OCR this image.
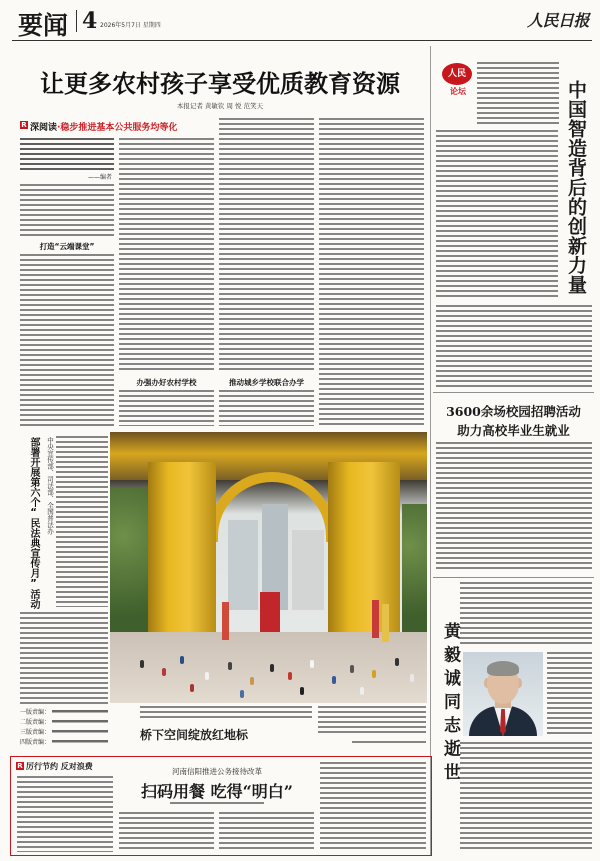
要闻 4 2026年5月7日 星期四	人民日报
让更多农村孩子享受优质教育资源
本报记者 黄敏钦 周 悦 范笑天
R
深阅读·稳步推进基本公共服务均等化
——编者
打造“云端课堂”
办强办好农村学校	推动城乡学校联合办学
中央宣传部、司法部、全国普法办
部署开展第六个“民法典宣传月”活动
一版责编：
二版责编：
三版责编：
四版责编：
桥下空间绽放红地标
R
厉行节约 反对浪费
河南信阳推进公务接待改革
扫码用餐 吃得“明白”
人民
论坛	中国智造背后的创新力量
3600余场校园招聘活动
助力高校毕业生就业
黄毅诚同志逝世
